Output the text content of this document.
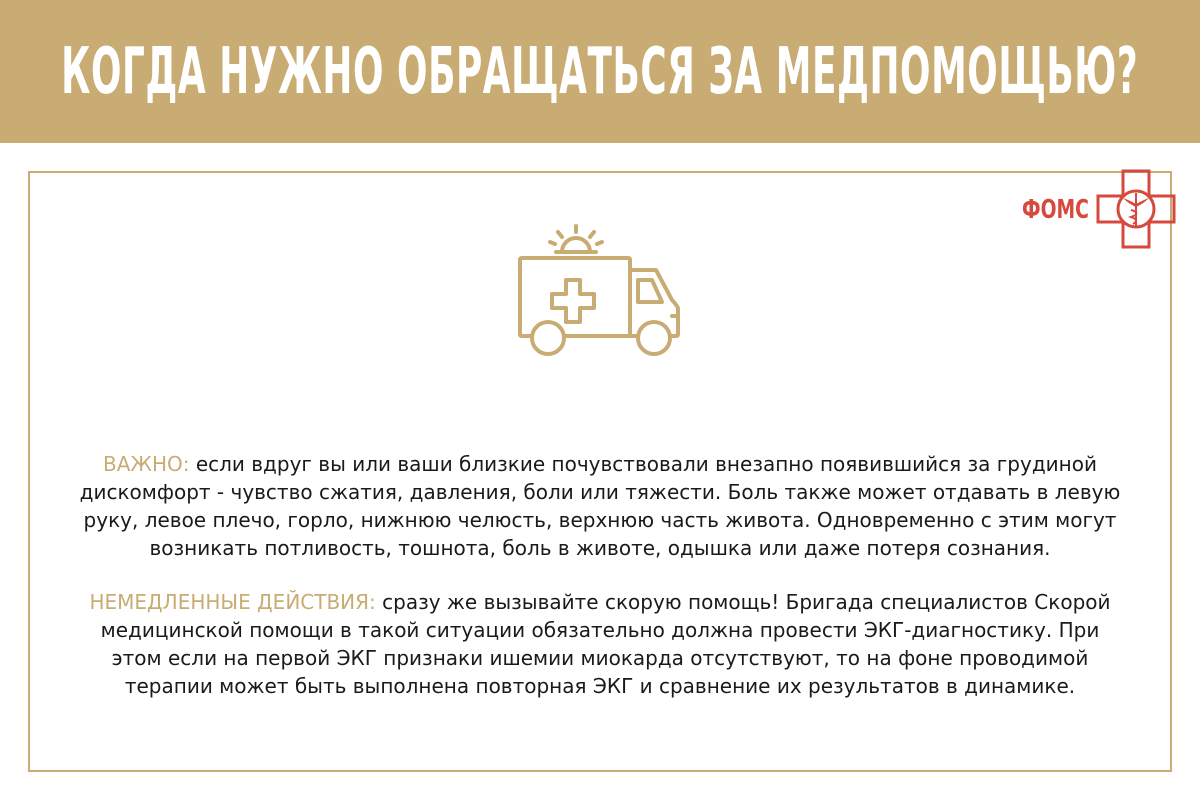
КОГДА НУЖНО ОБРАЩАТЬСЯ ЗА МЕДПОМОЩЬЮ?
ФОМС

ВАЖНО: если вдруг вы или ваши близкие почувствовали внезапно появившийся за грудиной
дискомфорт - чувство сжатия, давления, боли или тяжести. Боль также может отдавать в левую
руку, левое плечо, горло, нижнюю челюсть, верхнюю часть живота. Одновременно с этим могут
возникать потливость, тошнота, боль в животе, одышка или даже потеря сознания.

НЕМЕДЛЕННЫЕ ДЕЙСТВИЯ: сразу же вызывайте скорую помощь! Бригада специалистов Скорой
медицинской помощи в такой ситуации обязательно должна провести ЭКГ-диагностику. При
этом если на первой ЭКГ признаки ишемии миокарда отсутствуют, то на фоне проводимой
терапии может быть выполнена повторная ЭКГ и сравнение их результатов в динамике.
